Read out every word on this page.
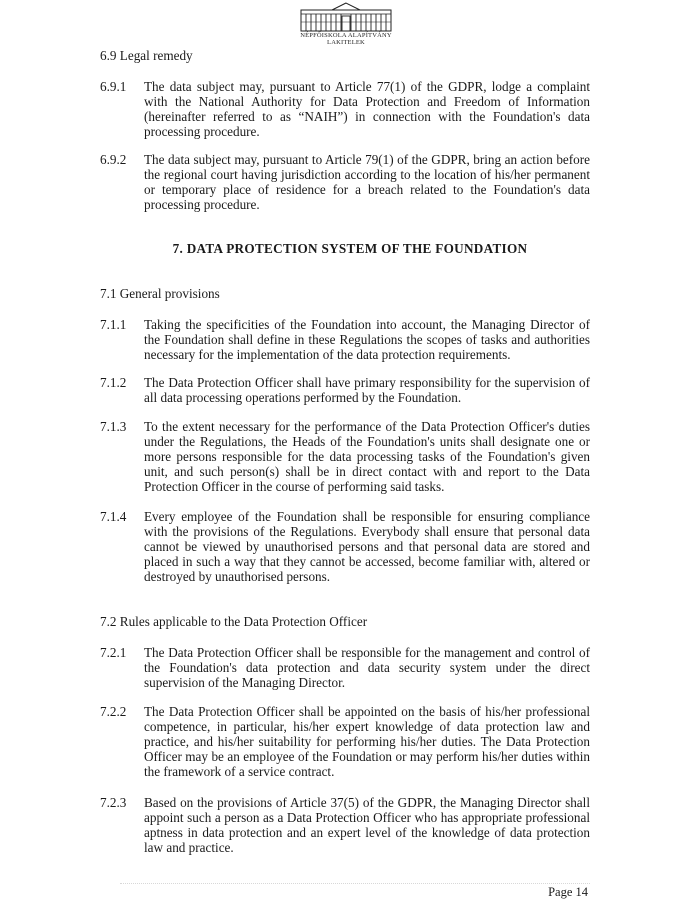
NÉPFŐISKOLA ALAPÍTVÁNY
LAKITELEK
6.9 Legal remedy
6.9.1	The data subject may, pursuant to Article 77(1) of the GDPR, lodge a complaint with the National Authority for Data Protection and Freedom of Information (hereinafter referred to as “NAIH”) in connection with the Foundation's data processing procedure.
6.9.2	The data subject may, pursuant to Article 79(1) of the GDPR, bring an action before the regional court having jurisdiction according to the location of his/her permanent or temporary place of residence for a breach related to the Foundation's data processing procedure.
7. DATA PROTECTION SYSTEM OF THE FOUNDATION
7.1 General provisions
7.1.1	Taking the specificities of the Foundation into account, the Managing Director of the Foundation shall define in these Regulations the scopes of tasks and authorities necessary for the implementation of the data protection requirements.
7.1.2	The Data Protection Officer shall have primary responsibility for the supervision of all data processing operations performed by the Foundation.
7.1.3	To the extent necessary for the performance of the Data Protection Officer's duties under the Regulations, the Heads of the Foundation's units shall designate one or more persons responsible for the data processing tasks of the Foundation's given unit, and such person(s) shall be in direct contact with and report to the Data Protection Officer in the course of performing said tasks.
7.1.4	Every employee of the Foundation shall be responsible for ensuring compliance with the provisions of the Regulations. Everybody shall ensure that personal data cannot be viewed by unauthorised persons and that personal data are stored and placed in such a way that they cannot be accessed, become familiar with, altered or destroyed by unauthorised persons.
7.2 Rules applicable to the Data Protection Officer
7.2.1	The Data Protection Officer shall be responsible for the management and control of the Foundation's data protection and data security system under the direct supervision of the Managing Director.
7.2.2	The Data Protection Officer shall be appointed on the basis of his/her professional competence, in particular, his/her expert knowledge of data protection law and practice, and his/her suitability for performing his/her duties. The Data Protection Officer may be an employee of the Foundation or may perform his/her duties within the framework of a service contract.
7.2.3	Based on the provisions of Article 37(5) of the GDPR, the Managing Director shall appoint such a person as a Data Protection Officer who has appropriate professional aptness in data protection and an expert level of the knowledge of data protection law and practice.
Page 14
